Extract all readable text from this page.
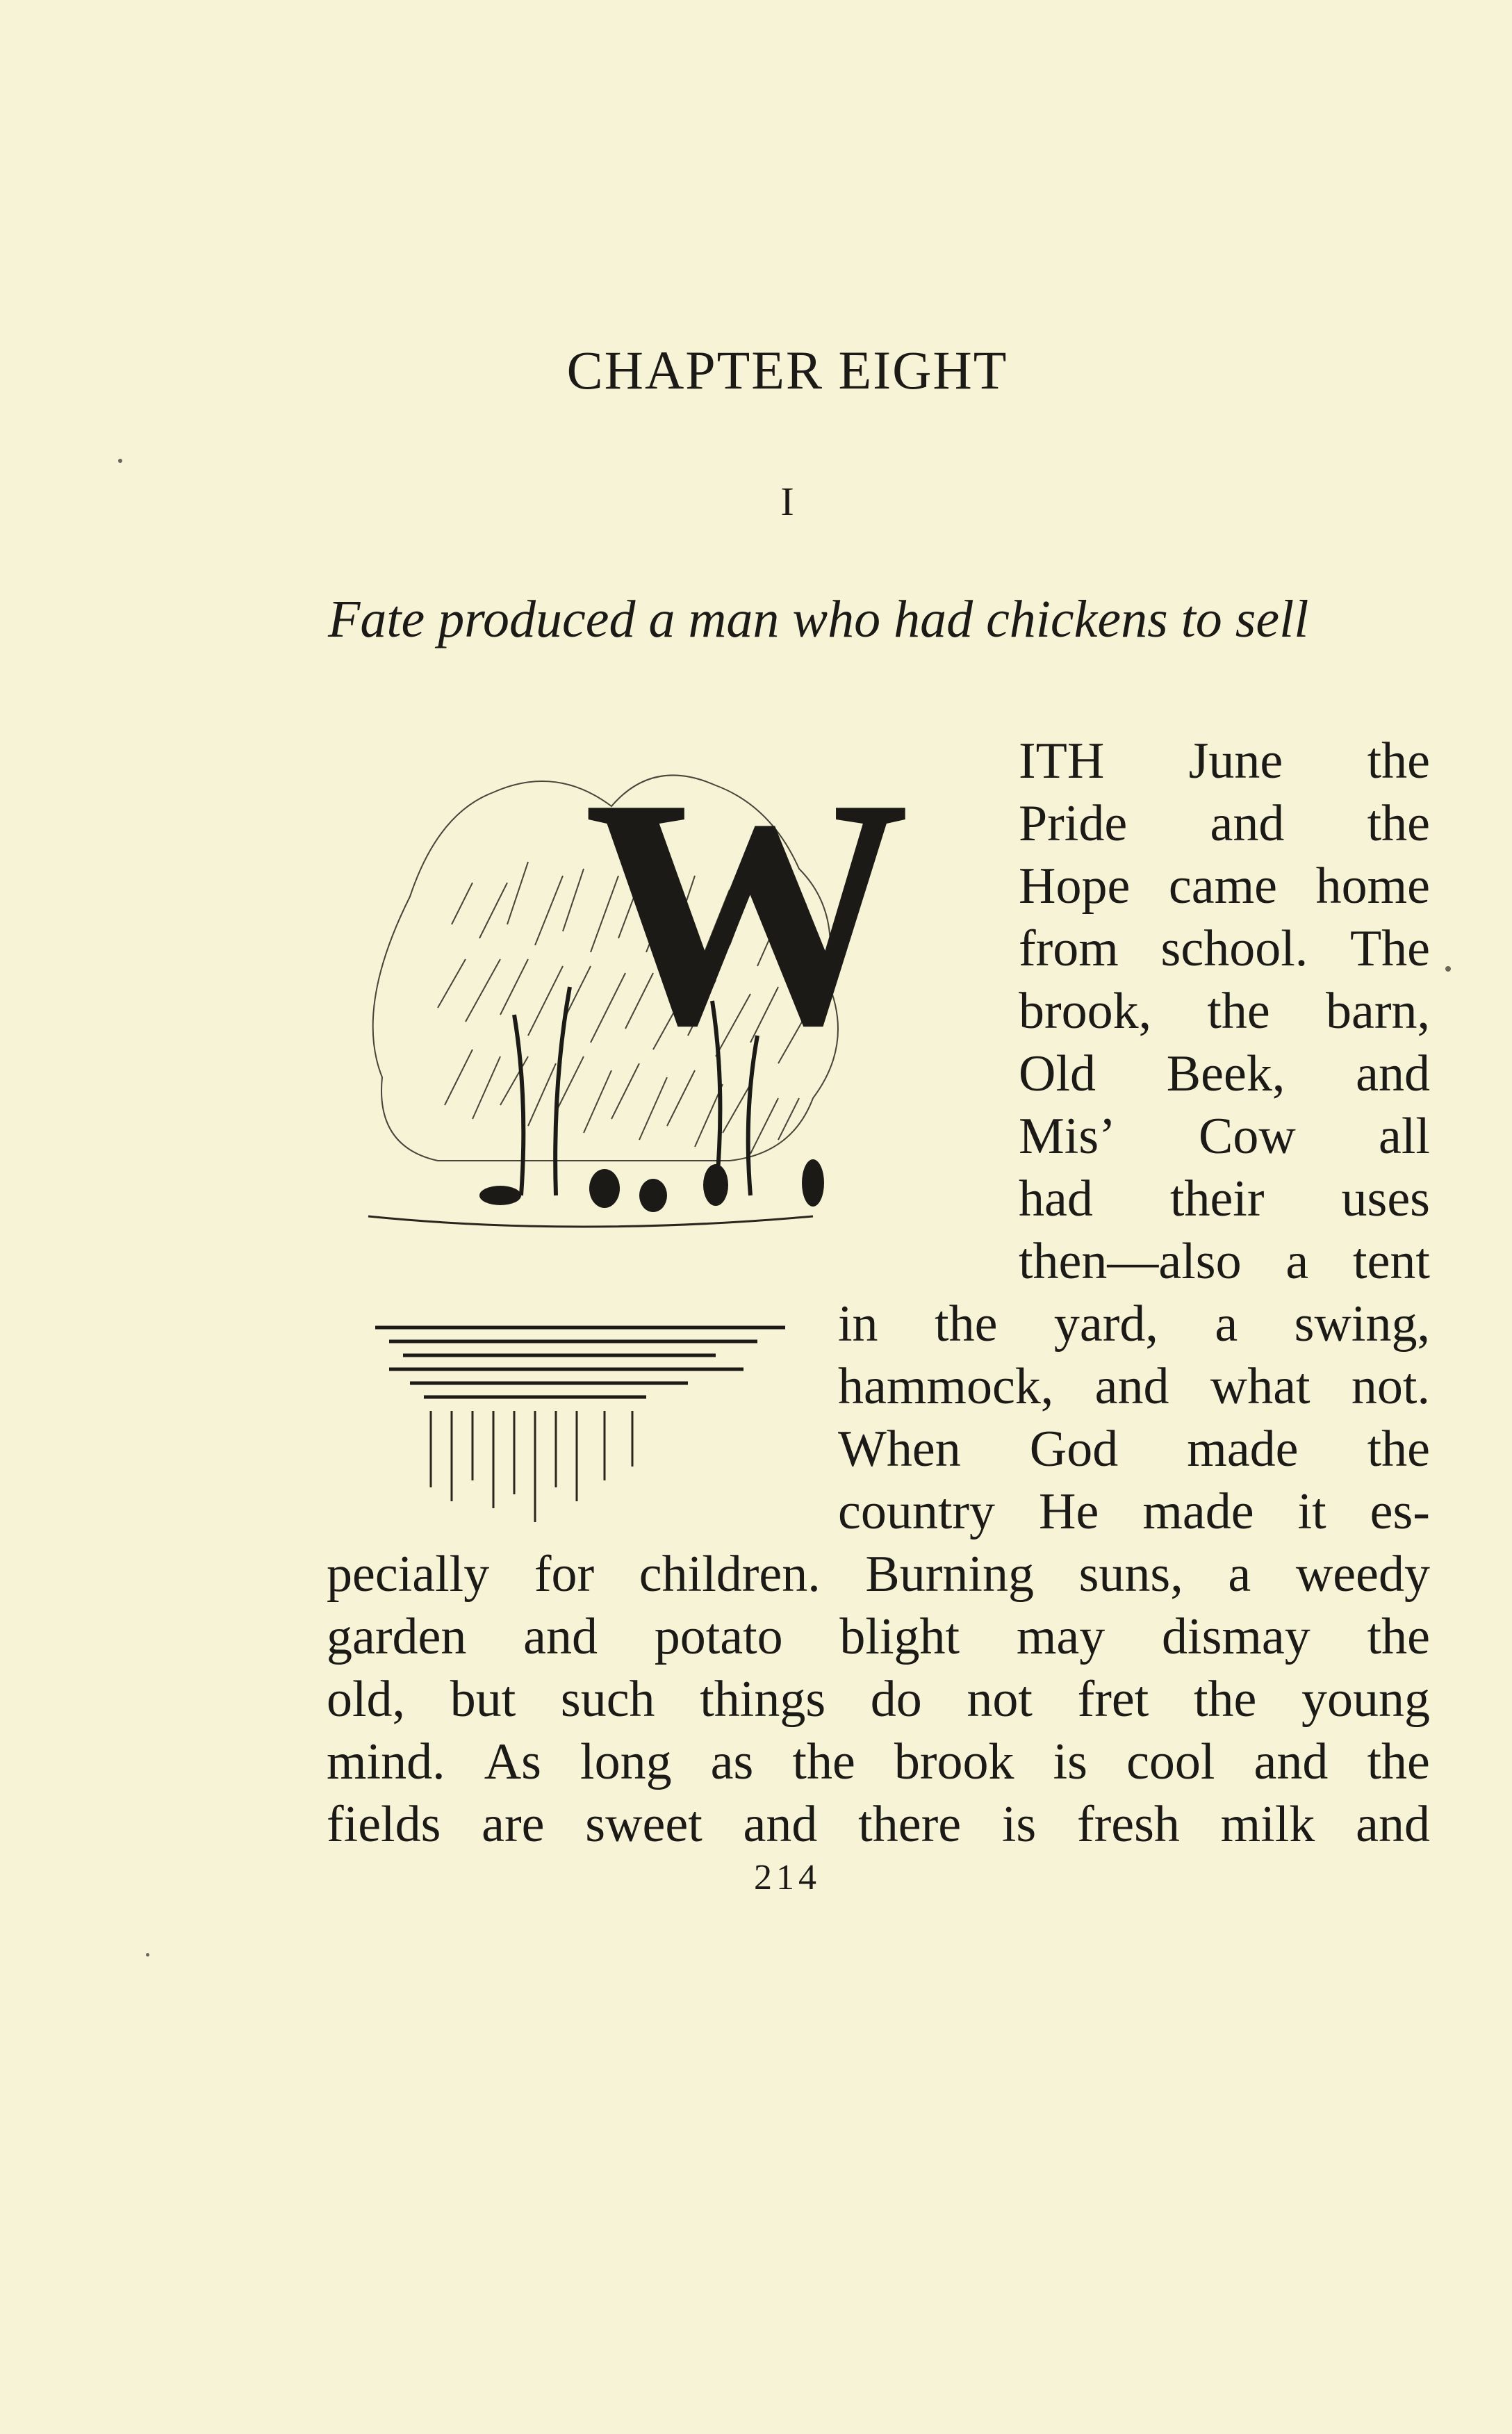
CHAPTER EIGHT
I
Fate produced a man who had chickens to sell
W ITH June the
Pride and the
Hope came home
from school. The
brook, the barn,
Old Beek, and
Mis’ Cow all
had their uses
then—also a tent
in the yard, a swing,
hammock, and what not.
When God made the
country He made it es-
pecially for children. Burning suns, a weedy
garden and potato blight may dismay the
old, but such things do not fret the young
mind. As long as the brook is cool and the
fields are sweet and there is fresh milk and
214
